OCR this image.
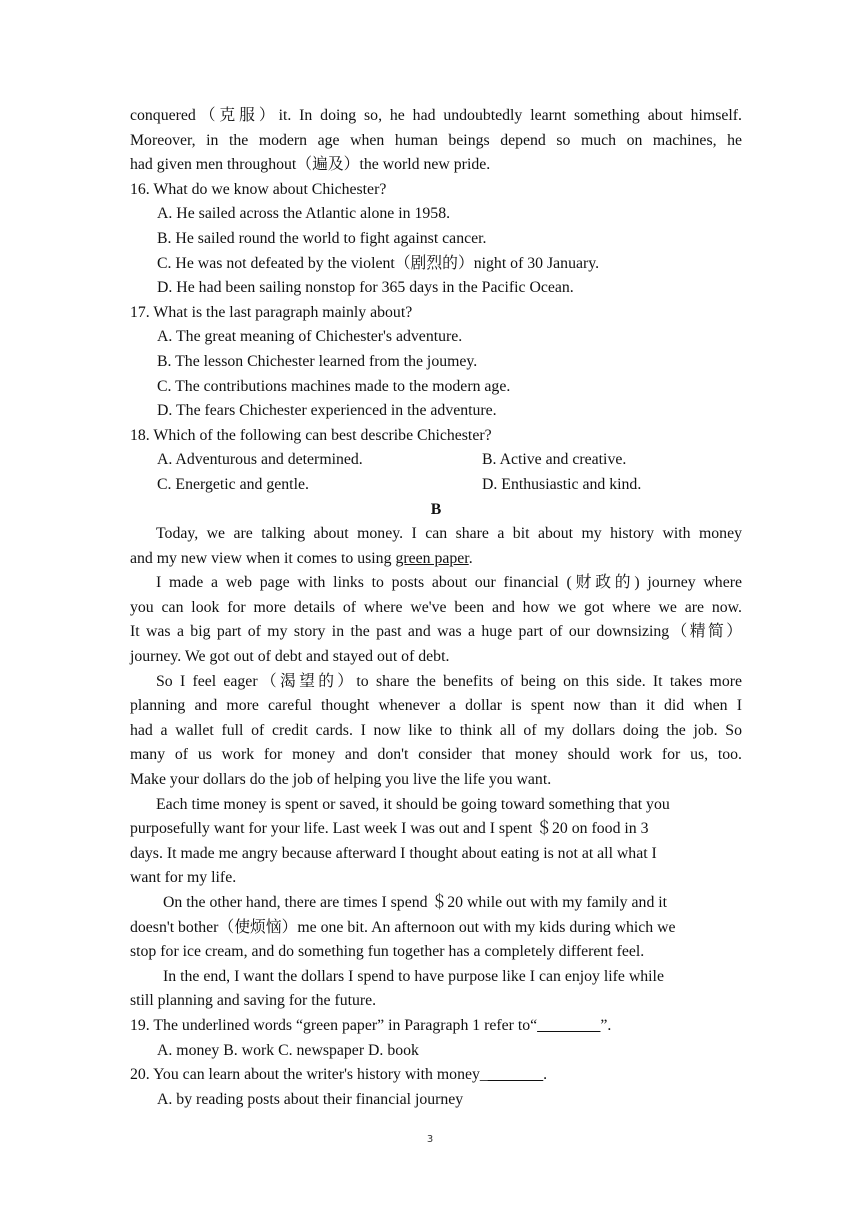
conquered（克服）it. In doing so, he had undoubtedly learnt something about himself.
Moreover, in the modern age when human beings depend so much on machines, he
had given men throughout（遍及）the world new pride.
16. What do we know about Chichester?
A. He sailed across the Atlantic alone in 1958.
B. He sailed round the world to fight against cancer.
C. He was not defeated by the violent（剧烈的）night of 30 January.
D. He had been sailing nonstop for 365 days in the Pacific Ocean.
17. What is the last paragraph mainly about?
A. The great meaning of Chichester's adventure.
B. The lesson Chichester learned from the joumey.
C. The contributions machines made to the modern age.
D. The fears Chichester experienced in the adventure.
18. Which of the following can best describe Chichester?
A. Adventurous and determined.	B. Active and creative.
C. Energetic and gentle.	D. Enthusiastic and kind.
B
Today, we are talking about money. I can share a bit about my history with money
and my new view when it comes to using green paper.
I made a web page with links to posts about our financial (财政的) journey where
you can look for more details of where we've been and how we got where we are now.
It was a big part of my story in the past and was a huge part of our downsizing（精简）
journey. We got out of debt and stayed out of debt.
So I feel eager（渴望的）to share the benefits of being on this side. It takes more
planning and more careful thought whenever a dollar is spent now than it did when I
had a wallet full of credit cards. I now like to think all of my dollars doing the job. So
many of us work for money and don't consider that money should work for us, too.
Make your dollars do the job of helping you live the life you want.
Each time money is spent or saved, it should be going toward something that you
purposefully want for your life. Last week I was out and I spent ＄20 on food in 3
days. It made me angry because afterward I thought about eating is not at all what I
want for my life.
On the other hand, there are times I spend ＄20 while out with my family and it
doesn't bother（使烦恼）me one bit. An afternoon out with my kids during which we
stop for ice cream, and do something fun together has a completely different feel.
In the end, I want the dollars I spend to have purpose like I can enjoy life while
still planning and saving for the future.
19. The underlined words “green paper” in Paragraph 1 refer to“________”.
A. money B. work C. newspaper D. book
20. You can learn about the writer's history with money________.
A. by reading posts about their financial journey
3
